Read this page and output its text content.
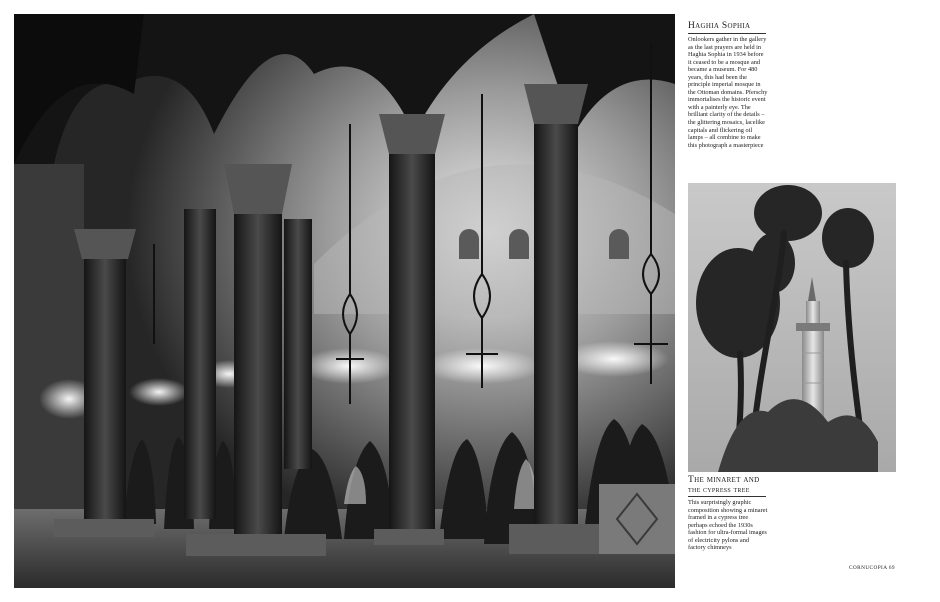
Haghia Sophia

Onlookers gather in the gallery as the last prayers are held in Haghia Sophia in 1934 before it ceased to be a mosque and became a museum. For 480 years, this had been the principle imperial mosque in the Ottoman domains. Pferschy immortalises the historic event with a painterly eye. The brilliant clarity of the details – the glittering mosaics, lacelike capitals and flickering oil lamps – all combine to make this photograph a masterpiece

The minaret and
the cypress tree

This surprisingly graphic composition showing a minaret framed in a cypress tree perhaps echoed the 1930s fashion for ultra-formal images of electricity pylons and factory chimneys

CORNUCOPIA 69
